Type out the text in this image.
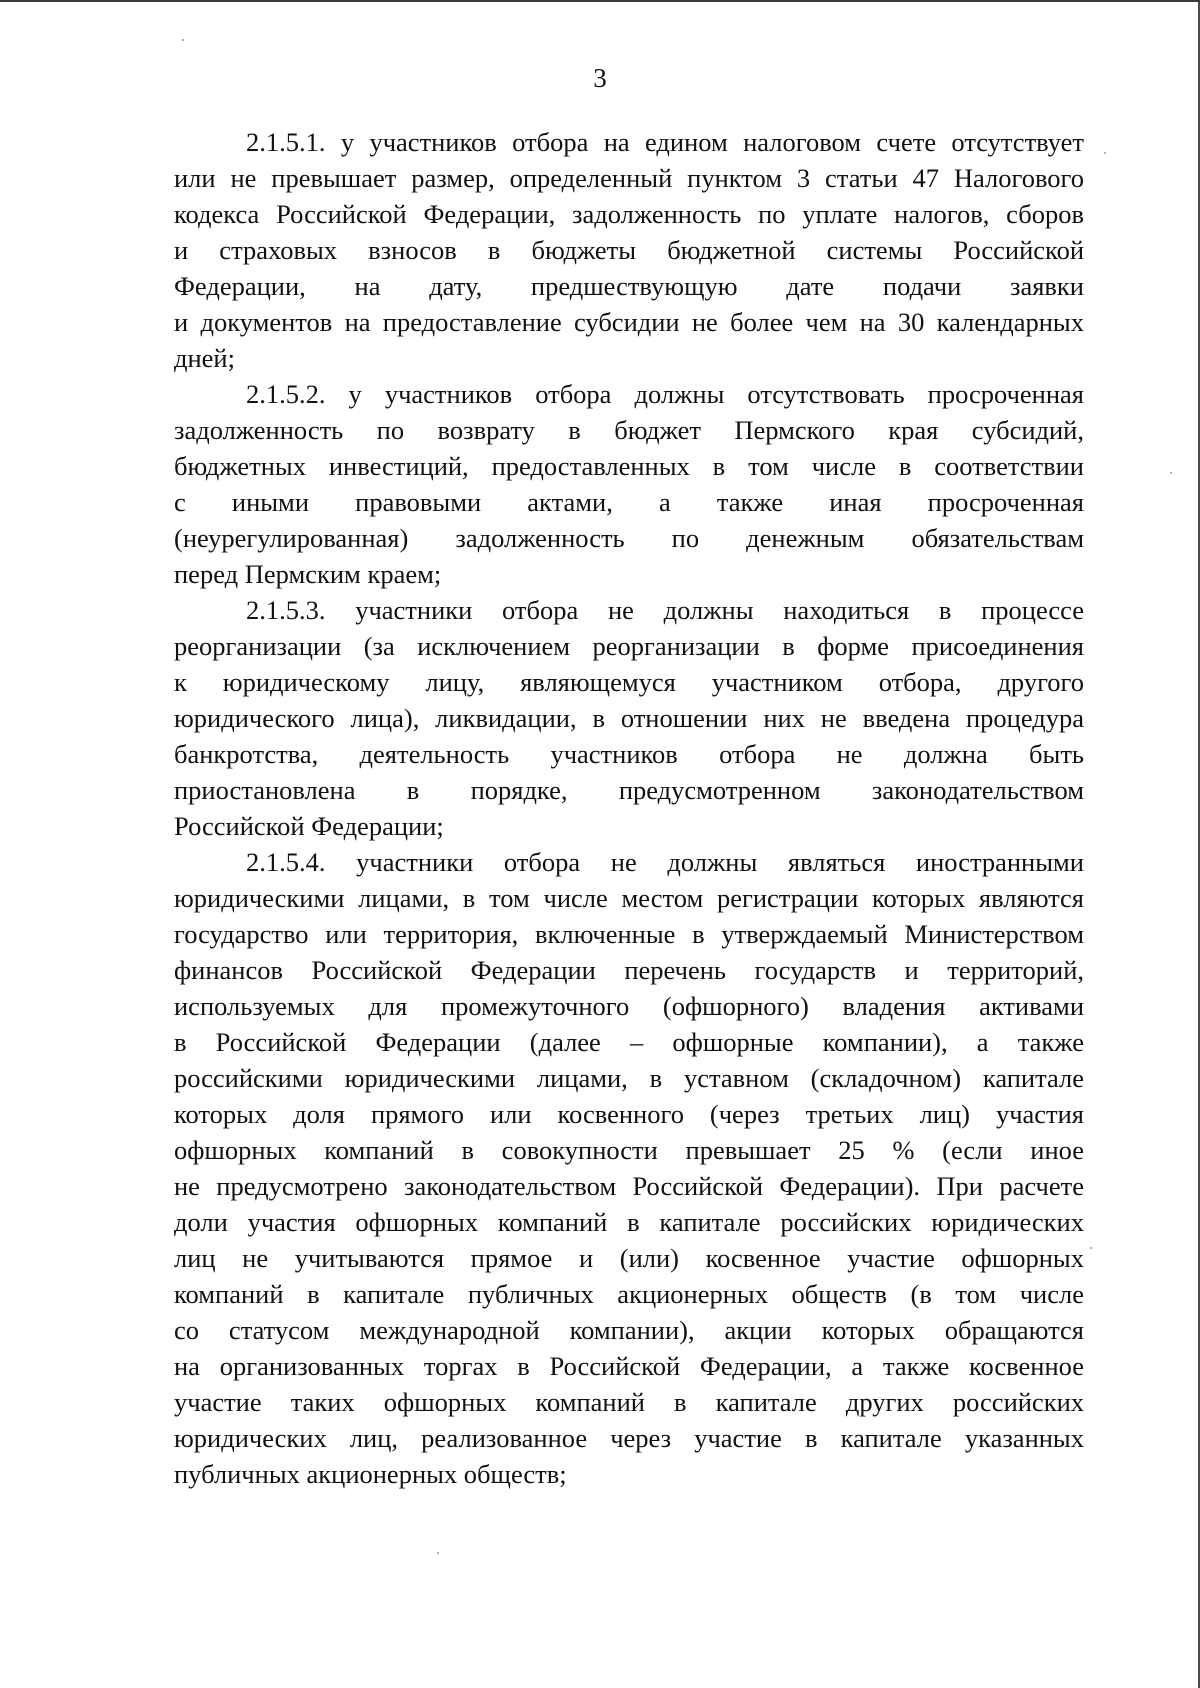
3
2.1.5.1. у участников отбора на едином налоговом счете отсутствует
или не превышает размер, определенный пунктом 3 статьи 47 Налогового
кодекса Российской Федерации, задолженность по уплате налогов, сборов
и страховых взносов в бюджеты бюджетной системы Российской
Федерации, на дату, предшествующую дате подачи заявки
и документов на предоставление субсидии не более чем на 30 календарных
дней;
2.1.5.2. у участников отбора должны отсутствовать просроченная
задолженность по возврату в бюджет Пермского края субсидий,
бюджетных инвестиций, предоставленных в том числе в соответствии
с иными правовыми актами, а также иная просроченная
(неурегулированная) задолженность по денежным обязательствам
перед Пермским краем;
2.1.5.3. участники отбора не должны находиться в процессе
реорганизации (за исключением реорганизации в форме присоединения
к юридическому лицу, являющемуся участником отбора, другого
юридического лица), ликвидации, в отношении них не введена процедура
банкротства, деятельность участников отбора не должна быть
приостановлена в порядке, предусмотренном законодательством
Российской Федерации;
2.1.5.4. участники отбора не должны являться иностранными
юридическими лицами, в том числе местом регистрации которых являются
государство или территория, включенные в утверждаемый Министерством
финансов Российской Федерации перечень государств и территорий,
используемых для промежуточного (офшорного) владения активами
в Российской Федерации (далее – офшорные компании), а также
российскими юридическими лицами, в уставном (складочном) капитале
которых доля прямого или косвенного (через третьих лиц) участия
офшорных компаний в совокупности превышает 25 % (если иное
не предусмотрено законодательством Российской Федерации). При расчете
доли участия офшорных компаний в капитале российских юридических
лиц не учитываются прямое и (или) косвенное участие офшорных
компаний в капитале публичных акционерных обществ (в том числе
со статусом международной компании), акции которых обращаются
на организованных торгах в Российской Федерации, а также косвенное
участие таких офшорных компаний в капитале других российских
юридических лиц, реализованное через участие в капитале указанных
публичных акционерных обществ;
